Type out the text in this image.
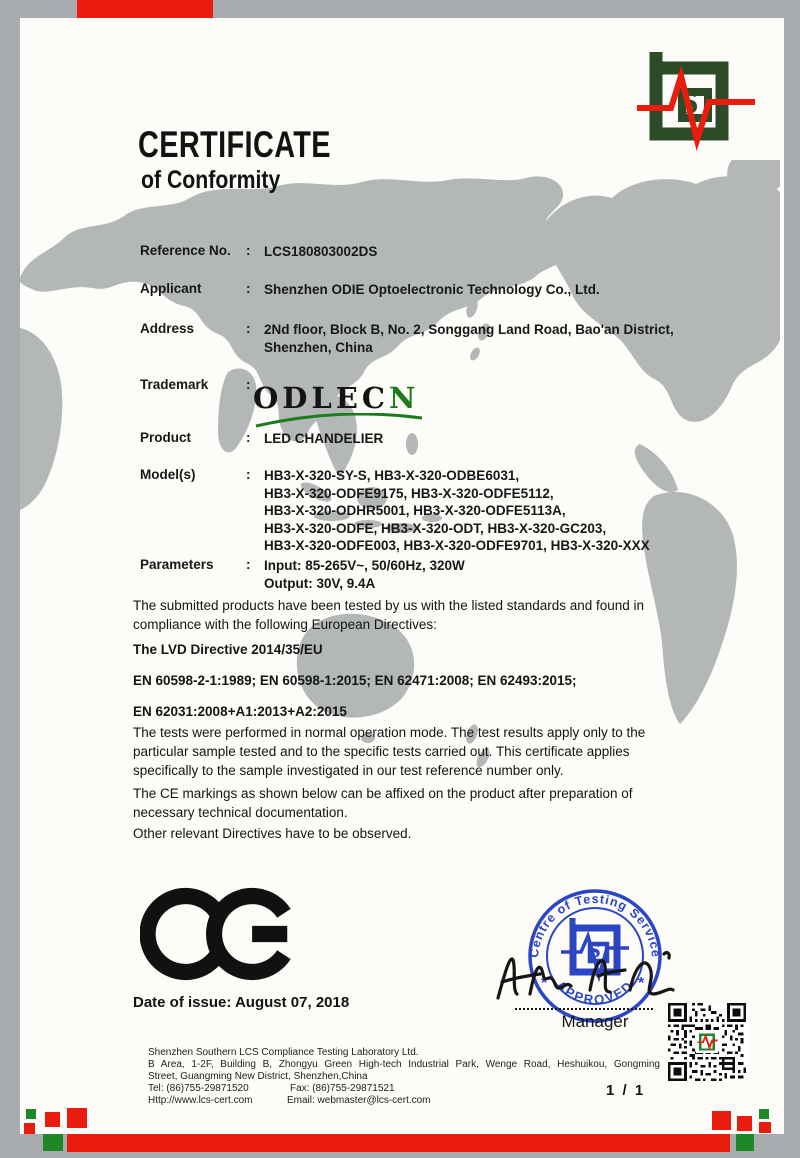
S
CERTIFICATE
of Conformity
Reference No.	: LCS180803002DS
Applicant	: Shenzhen ODIE Optoelectronic Technology Co., Ltd.
Address	: 2Nd floor, Block B, No. 2, Songgang Land Road, Bao'an District,
Shenzhen, China
Trademark	: ODLECN
Product	: LED CHANDELIER
Model(s)	: HB3-X-320-SY-S, HB3-X-320-ODBE6031,
HB3-X-320-ODFE9175, HB3-X-320-ODFE5112,
HB3-X-320-ODHR5001, HB3-X-320-ODFE5113A,
HB3-X-320-ODFE, HB3-X-320-ODT, HB3-X-320-GC203,
HB3-X-320-ODFE003, HB3-X-320-ODFE9701, HB3-X-320-XXX
Parameters	: Input: 85-265V~, 50/60Hz, 320W
Output: 30V, 9.4A
The submitted products have been tested by us with the listed standards and found in compliance with the following European Directives:
The LVD Directive 2014/35/EU
EN 60598-2-1:1989; EN 60598-1:2015; EN 62471:2008; EN 62493:2015;
EN 62031:2008+A1:2013+A2:2015
The tests were performed in normal operation mode. The test results apply only to the particular sample tested and to the specific tests carried out. This certificate applies specifically to the sample investigated in our test reference number only.
The CE markings as shown below can be affixed on the product after preparation of necessary technical documentation.
Other relevant Directives have to be observed.
Date of issue: August 07, 2018
Centre of Testing Service
APPROVED
*	*
S
Manager
Shenzhen Southern LCS Compliance Testing Laboratory Ltd.
B Area, 1-2F, Building B, Zhongyu Green High-tech Industrial Park, Wenge Road, Heshuikou, Gongming
Street, Guangming New District, Shenzhen,China
Tel: (86)755-29871520	Fax: (86)755-29871521
Http://www.lcs-cert.com	Email: webmaster@lcs-cert.com
1 / 1
